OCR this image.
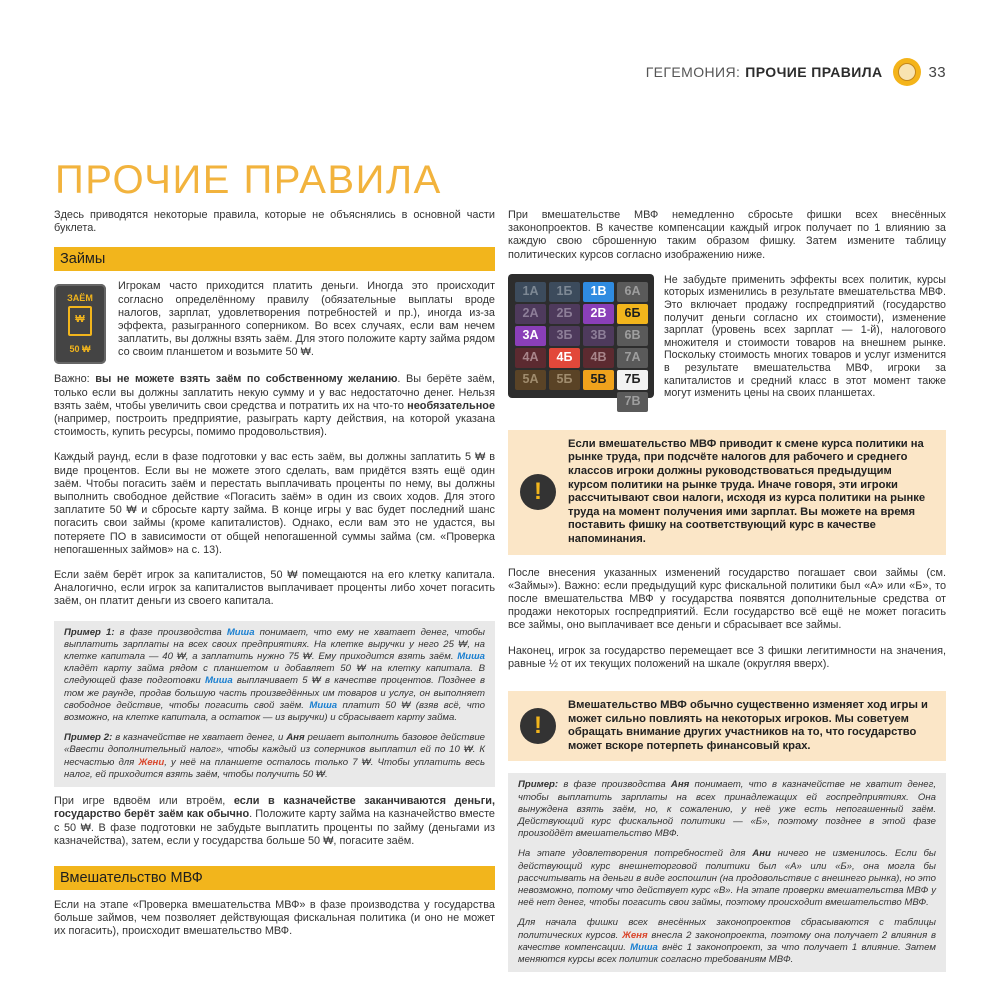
ГЕГЕМОНИЯ: ПРОЧИЕ ПРАВИЛА	33
ПРОЧИЕ ПРАВИЛА

Здесь приводятся некоторые правила, которые не объяснялись в основной части буклета.

Займы
ЗАЁМ
₩
50 ₩

Игрокам часто приходится платить деньги. Иногда это происходит согласно определённому правилу (обязательные выплаты вроде налогов, зарплат, удовлетворения потребностей и пр.), иногда из-за эффекта, разыгранного соперником. Во всех случаях, если вам нечем заплатить, вы должны взять заём. Для этого положите карту займа рядом со своим планшетом и возьмите 50 ₩.

Важно: вы не можете взять заём по собственному желанию. Вы берёте заём, только если вы должны заплатить некую сумму и у вас недостаточно денег. Нельзя взять заём, чтобы увеличить свои средства и потратить их на что-то необязательное (например, построить предприятие, разыграть карту действия, на которой указана стоимость, купить ресурсы, помимо продовольствия).

Каждый раунд, если в фазе подготовки у вас есть заём, вы должны заплатить 5 ₩ в виде процентов. Если вы не можете этого сделать, вам придётся взять ещё один заём. Чтобы погасить заём и перестать выплачивать проценты по нему, вы должны выполнить свободное действие «Погасить заём» в один из своих ходов. Для этого заплатите 50 ₩ и сбросьте карту займа. В конце игры у вас будет последний шанс погасить свои займы (кроме капиталистов). Однако, если вам это не удастся, вы потеряете ПО в зависимости от общей непогашенной суммы займа (см. «Проверка непогашенных займов» на с. 13).

Если заём берёт игрок за капиталистов, 50 ₩ помещаются на его клетку капитала. Аналогично, если игрок за капиталистов выплачивает проценты либо хочет погасить заём, он платит деньги из своего капитала.

Пример 1: в фазе производства Миша понимает, что ему не хватает денег, чтобы выплатить зарплаты на всех своих предприятиях. На клетке выручки у него 25 ₩, на клетке капитала — 40 ₩, а заплатить нужно 75 ₩. Ему приходится взять заём. Миша кладёт карту займа рядом с планшетом и добавляет 50 ₩ на клетку капитала. В следующей фазе подготовки Миша выплачивает 5 ₩ в качестве процентов. Позднее в том же раунде, продав большую часть произведённых им товаров и услуг, он выполняет свободное действие, чтобы погасить свой заём. Миша платит 50 ₩ (взяв всё, что возможно, на клетке капитала, а остаток — из выручки) и сбрасывает карту займа.

Пример 2: в казначействе не хватает денег, и Аня решает выполнить базовое действие «Ввести дополнительный налог», чтобы каждый из соперников выплатил ей по 10 ₩. К несчастью для Жени, у неё на планшете осталось только 7 ₩. Чтобы уплатить весь налог, ей приходится взять заём, чтобы получить 50 ₩.

При игре вдвоём или втроём, если в казначействе заканчиваются деньги, государство берёт заём как обычно. Положите карту займа на казначейство вместе с 50 ₩. В фазе подготовки не забудьте выплатить проценты по займу (деньгами из казначейства), затем, если у государства больше 50 ₩, погасите заём.

Вмешательство МВФ

Если на этапе «Проверка вмешательства МВФ» в фазе производства у государства больше займов, чем позволяет действующая фискальная политика (и оно не может их погасить), происходит вмешательство МВФ.

При вмешательстве МВФ немедленно сбросьте фишки всех внесённых законопроектов. В качестве компенсации каждый игрок получает по 1 влиянию за каждую свою сброшенную таким образом фишку. Затем измените таблицу политических курсов согласно изображению ниже.

1А	1Б	1В	6А
2А	2Б	2В	6Б
3А	3Б	3В	6В
4А	4Б	4В	7А
5А	5Б	5В	7Б
7В

Не забудьте применить эффекты всех политик, курсы которых изменились в результате вмешательства МВФ. Это включает продажу госпредприятий (государство получит деньги согласно их стоимости), изменение зарплат (уровень всех зарплат — 1-й), налогового множителя и стоимости товаров на внешнем рынке. Поскольку стоимость многих товаров и услуг изменится в результате вмешательства МВФ, игроки за капиталистов и средний класс в этот момент также могут изменить цены на своих планшетах.

!
Если вмешательство МВФ приводит к смене курса политики на рынке труда, при подсчёте налогов для рабочего и среднего классов игроки должны руководствоваться предыдущим курсом политики на рынке труда. Иначе говоря, эти игроки рассчитывают свои налоги, исходя из курса политики на рынке труда на момент получения ими зарплат. Вы можете на время поставить фишку на соответствующий курс в качестве напоминания.

После внесения указанных изменений государство погашает свои займы (см. «Займы»). Важно: если предыдущий курс фискальной политики был «А» или «Б», то после вмешательства МВФ у государства появятся дополнительные средства от продажи некоторых госпредприятий. Если государство всё ещё не может погасить все займы, оно выплачивает все деньги и сбрасывает все займы.

Наконец, игрок за государство перемещает все 3 фишки легитимности на значения, равные ½ от их текущих положений на шкале (округляя вверх).

!
Вмешательство МВФ обычно существенно изменяет ход игры и может сильно повлиять на некоторых игроков. Мы советуем обращать внимание других участников на то, что государство может вскоре потерпеть финансовый крах.

Пример: в фазе производства Аня понимает, что в казначействе не хватит денег, чтобы выплатить зарплаты на всех принадлежащих ей госпредприятиях. Она вынуждена взять заём, но, к сожалению, у неё уже есть непогашенный заём. Действующий курс фискальной политики — «Б», поэтому позднее в этой фазе произойдёт вмешательство МВФ.

На этапе удовлетворения потребностей для Ани ничего не изменилось. Если бы действующий курс внешнеторговой политики был «А» или «Б», она могла бы рассчитывать на деньги в виде госпошлин (на продовольствие с внешнего рынка), но это невозможно, потому что действует курс «В». На этапе проверки вмешательства МВФ у неё нет денег, чтобы погасить свои займы, поэтому происходит вмешательство МВФ.

Для начала фишки всех внесённых законопроектов сбрасываются с таблицы политических курсов. Женя внесла 2 законопроекта, поэтому она получает 2 влияния в качестве компенсации. Миша внёс 1 законопроект, за что получает 1 влияние. Затем меняются курсы всех политик согласно требованиям МВФ.
